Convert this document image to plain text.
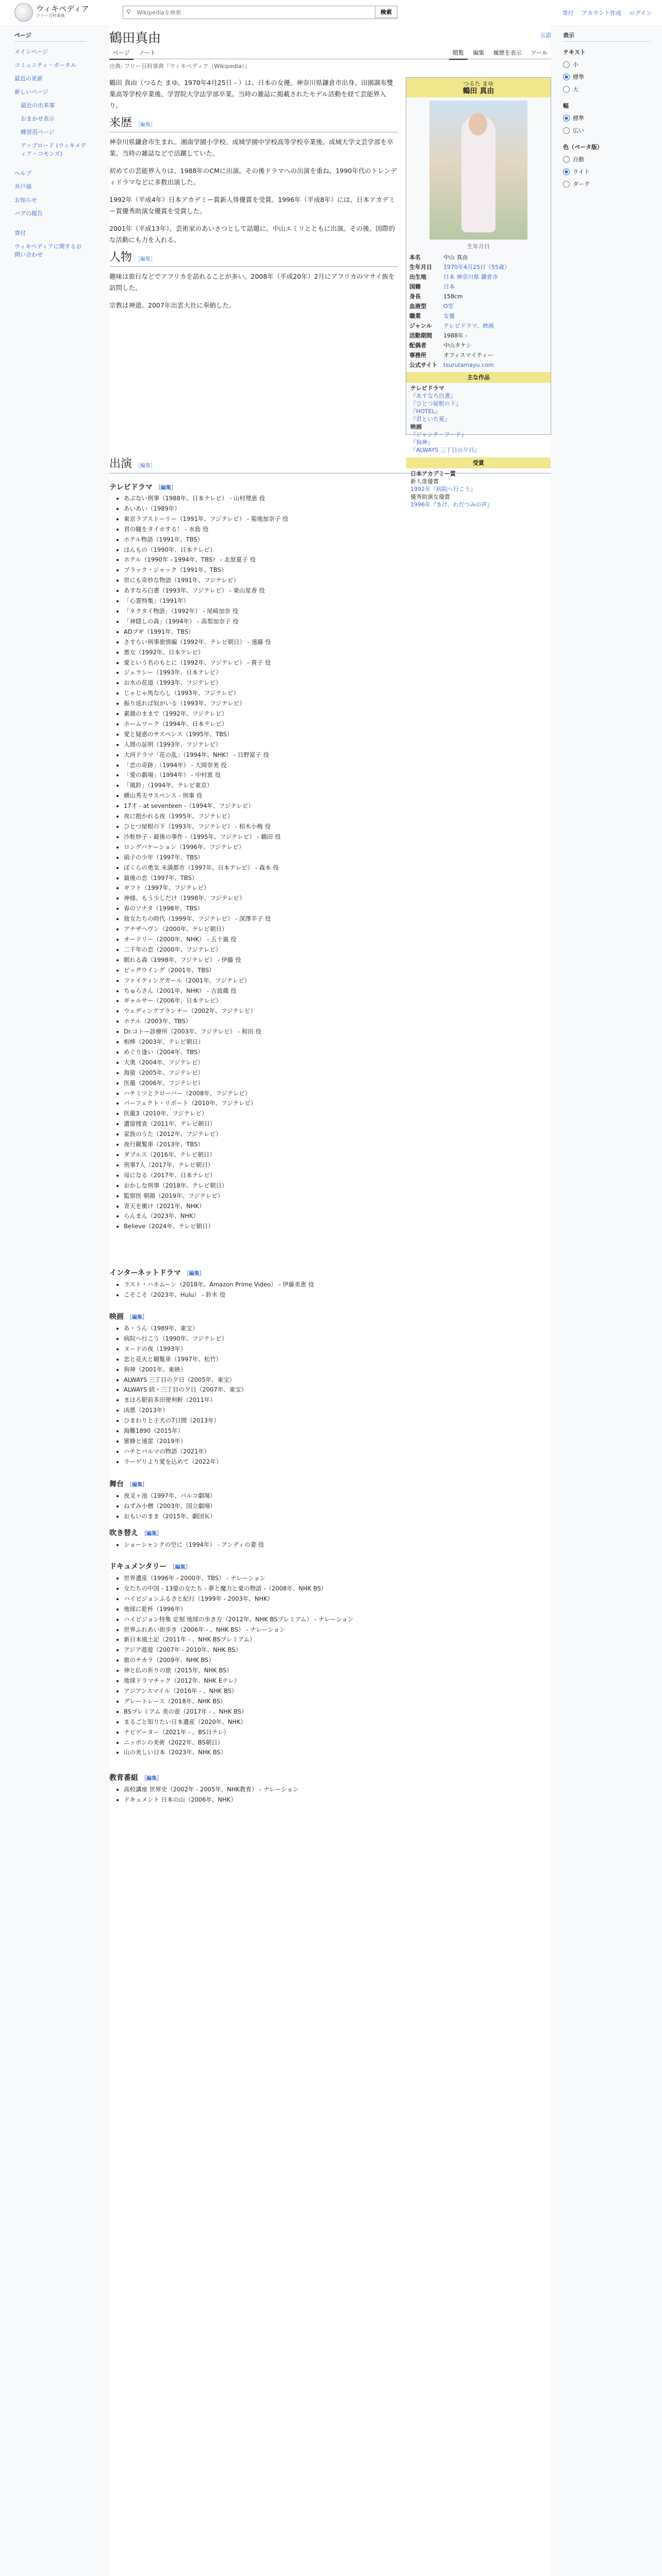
ウィキペディア
フリー百科事典
⚲
Wikipediaを検索	検索	寄付 アカウント作成 ログイン
ページ
メインページ
コミュニティ・ポータル
最近の更新
新しいページ
最近の出来事
おまかせ表示
練習用ページ
アップロード (ウィキメディア・コモンズ)
ヘルプ
井戸端
お知らせ
バグの報告
寄付
ウィキペディアに関するお問い合わせ
鶴田真由	言語
ページ ノート	閲覧 編集 履歴を表示 ツール
出典: フリー百科事典『ウィキペディア（Wikipedia）』

鶴田 真由（つるた まゆ、1970年4月25日 - ）は、日本の女優。神奈川県鎌倉市出身。田園調布雙葉高等学校卒業後、学習院大学法学部卒業。当時の雑誌に掲載されたモデル活動を経て芸能界入り。

来歴 ［編集］

神奈川県鎌倉市生まれ。湘南学園小学校、成城学園中学校高等学校卒業後、成城大学文芸学部を卒業。当時の雑誌などで活躍していた。

初めての芸能界入りは、1988年のCMに出演。その後ドラマへの出演を重ね、1990年代のトレンディドラマなどに多数出演した。

1992年（平成4年）日本アカデミー賞新人俳優賞を受賞。1996年（平成8年）には、日本アカデミー賞優秀助演女優賞を受賞した。

2001年（平成13年）、芸術家のあいさつとして話題に。中山エミリとともに出演。その後、国際的な活動にも力を入れる。

人物 ［編集］

趣味は旅行などでアフリカを訪れることが多い。2008年（平成20年）2月にアフリカのマサイ族を訪問した。

宗教は神道。2007年出雲大社に奉納した。

つるた まゆ
鶴田 真由
生年月日
本名	中山 真由
生年月日	1970年4月25日（55歳）
出生地	日本 神奈川県 鎌倉市
国籍	日本
身長	158cm
血液型	O型
職業	女優
ジャンル	テレビドラマ、映画
活動期間	1988年 -
配偶者	中山タケシ
事務所	オフィスマイティー
公式サイト	tsurutamayu.com
主な作品
テレビドラマ
『あすなろ白書』
『ひとつ屋根の下』
『HOTEL』
『君といた夏』
映画
『ジャンク・フード』
『狗神』
『ALWAYS 三丁目の夕日』
受賞
日本アカデミー賞
新人俳優賞
1992年『病院へ行こう』
優秀助演女優賞
1996年『きけ、わだつみの声』
出演 ［編集］
テレビドラマ ［編集］
• あぶない刑事（1988年、日本テレビ） - 山村理恵 役
• あいあい（1989年）
• 東京ラブストーリー（1991年、フジテレビ） - 菊地加奈子 役
• 君の瞳をタイホする！ - 水島 役
• ホテル物語（1991年、TBS）
• ほんもの（1990年、日本テレビ）
• ホテル（1990年 - 1994年、TBS） - 北原夏子 役
• ブラック・ジャック（1991年、TBS）
• 世にも奇妙な物語（1991年、フジテレビ）
• あすなろ白書（1993年、フジテレビ） - 東山星香 役
• 「心霊特集」（1991年）
• 「ネクタイ物語」（1992年） - 尾崎加奈 役
• 「神隠しの森」（1994年） - 高梨加奈子 役
• ADブギ（1991年、TBS）
• さすらい刑事旅情編（1992年、テレビ朝日） - 遠藤 役
• 悪女（1992年、日本テレビ）
• 愛という名のもとに（1992年、フジテレビ） - 貴子 役
• ジェラシー（1993年、日本テレビ）
• お水の花道（1993年、フジテレビ）
• じゃじゃ馬ならし（1993年、フジテレビ）
• 振り返れば奴がいる（1993年、フジテレビ）
• 素顔のままで（1992年、フジテレビ）
• ホームワーク（1994年、日本テレビ）
• 愛と疑惑のサスペンス（1995年、TBS）
• 人間の証明（1993年、フジテレビ）
• 大河ドラマ「花の乱」（1994年、NHK） - 日野富子 役
• 「恋の奇跡」（1994年） - 大岡奈美 役
• 「愛の劇場」（1994年） - 中村恵 役
• 「風鈴」（1994年、テレビ東京）
• 横山秀夫サスペンス - 刑事 役
• 17才 - at seventeen -（1994年、フジテレビ）
• 夜に抱かれる夜（1995年、フジテレビ）
• ひとつ屋根の下（1993年、フジテレビ） - 柏木小梅 役
• 沙粧妙子 - 最後の事件 -（1995年、フジテレビ） - 鶴田 役
• ロングバケーション（1996年、フジテレビ）
• 硝子の少年（1997年、TBS）
• ぼくらの勇気 未満都市（1997年、日本テレビ） - 森本 役
• 最後の恋（1997年、TBS）
• ギフト（1997年、フジテレビ）
• 神様、もう少しだけ（1998年、フジテレビ）
• 春のソナタ（1998年、TBS）
• 彼女たちの時代（1999年、フジテレビ） - 深澤羊子 役
• アナザヘヴン（2000年、テレビ朝日）
• オードリー（2000年、NHK） - 五十嵐 役
• 二千年の恋（2000年、フジテレビ）
• 眠れる森（1998年、フジテレビ） - 伊藤 役
• ビッグウイング（2001年、TBS）
• ファイティングガール（2001年、フジテレビ）
• ちゅらさん（2001年、NHK） - 古波蔵 役
• ギャルサー（2006年、日本テレビ）
• ウェディングプランナー（2002年、フジテレビ）
• ホテル（2003年、TBS）
• Dr.コトー診療所（2003年、フジテレビ） - 和田 役
• 相棒（2003年、テレビ朝日）
• めぐり逢い（2004年、TBS）
• 大奥（2004年、フジテレビ）
• 海猿（2005年、フジテレビ）
• 医龍（2006年、フジテレビ）
• ハチミツとクローバー（2008年、フジテレビ）
• パーフェクト・リポート（2010年、フジテレビ）
• 医龍3（2010年、フジテレビ）
• 遺留捜査（2011年、テレビ朝日）
• 家族のうた（2012年、フジテレビ）
• 夜行観覧車（2013年、TBS）
• ダブルス（2016年、テレビ朝日）
• 刑事7人（2017年、テレビ朝日）
• 母になる（2017年、日本テレビ）
• おかしな刑事（2018年、テレビ朝日）
• 監察医 朝顔（2019年、フジテレビ）
• 青天を衝け（2021年、NHK）
• らんまん（2023年、NHK）
• Believe（2024年、テレビ朝日）
インターネットドラマ ［編集］
• ラスト・ハネムーン（2018年、Amazon Prime Video） - 伊藤美恵 役
• こそこそ（2023年、Hulu） - 鈴木 役
映画 ［編集］
• あ・うん（1989年、東宝）
• 病院へ行こう（1990年、フジテレビ）
• ヌードの夜（1993年）
• 恋と花火と観覧車（1997年、松竹）
• 狗神（2001年、東映）
• ALWAYS 三丁目の夕日（2005年、東宝）
• ALWAYS 続・三丁目の夕日（2007年、東宝）
• まほろ駅前多田便利軒（2011年）
• 凶悪（2013年）
• ひまわりと子犬の7日間（2013年）
• 海難1890（2015年）
• 蜜蜂と遠雷（2019年）
• ハチとパルマの物語（2021年）
• ラーゲリより愛を込めて（2022年）
舞台 ［編集］
• 夜叉ヶ池（1997年、パルコ劇場）
• ねずみ小僧（2003年、国立劇場）
• おもいのまま（2015年、劇団Ｋ）
吹き替え ［編集］
• ショーシャンクの空に（1994年） - アンディの妻 役
ドキュメンタリー ［編集］
• 世界遺産（1996年 - 2000年、TBS） - ナレーション
• 女たちの中国 - 13億の女たち - 夢と魔力と愛の物語 -（2008年、NHK BS）
• ハイビジョンふるさと紀行（1999年 - 2003年、NHK）
• 地球に乾杯（1996年）
• ハイビジョン特集 定刻 地球の歩き方（2012年、NHK BSプレミアム） - ナレーション
• 世界ふれあい街歩き（2006年 - 、NHK BS） - ナレーション
• 新日本風土記（2011年 - 、NHK BSプレミアム）
• アジア遊遊（2007年 - 2010年、NHK BS）
• 旅のチカラ（2009年、NHK BS）
• 神と仏の祈りの旅（2015年、NHK BS）
• 地球ドラマチック（2012年、NHK Eテレ）
• アジアンスマイル（2016年 - 、NHK BS）
• グレートレース（2018年、NHK BS）
• BSプレミアム 美の壺（2017年 - 、NHK BS）
• まるごと知りたい日本遺産（2020年、NHK）
• ナビゲーター（2021年 - 、BS日テレ）
• ニッポンの美術（2022年、BS朝日）
• 山の美しい日本（2023年、NHK BS）
教育番組 ［編集］
• 高校講座 世界史（2002年 - 2005年、NHK教育） - ナレーション
• ドキュメント 日本の山（2006年、NHK）
表示
テキスト
小
標準
大
幅
標準
広い
色（ベータ版）
自動
ライト
ダーク
